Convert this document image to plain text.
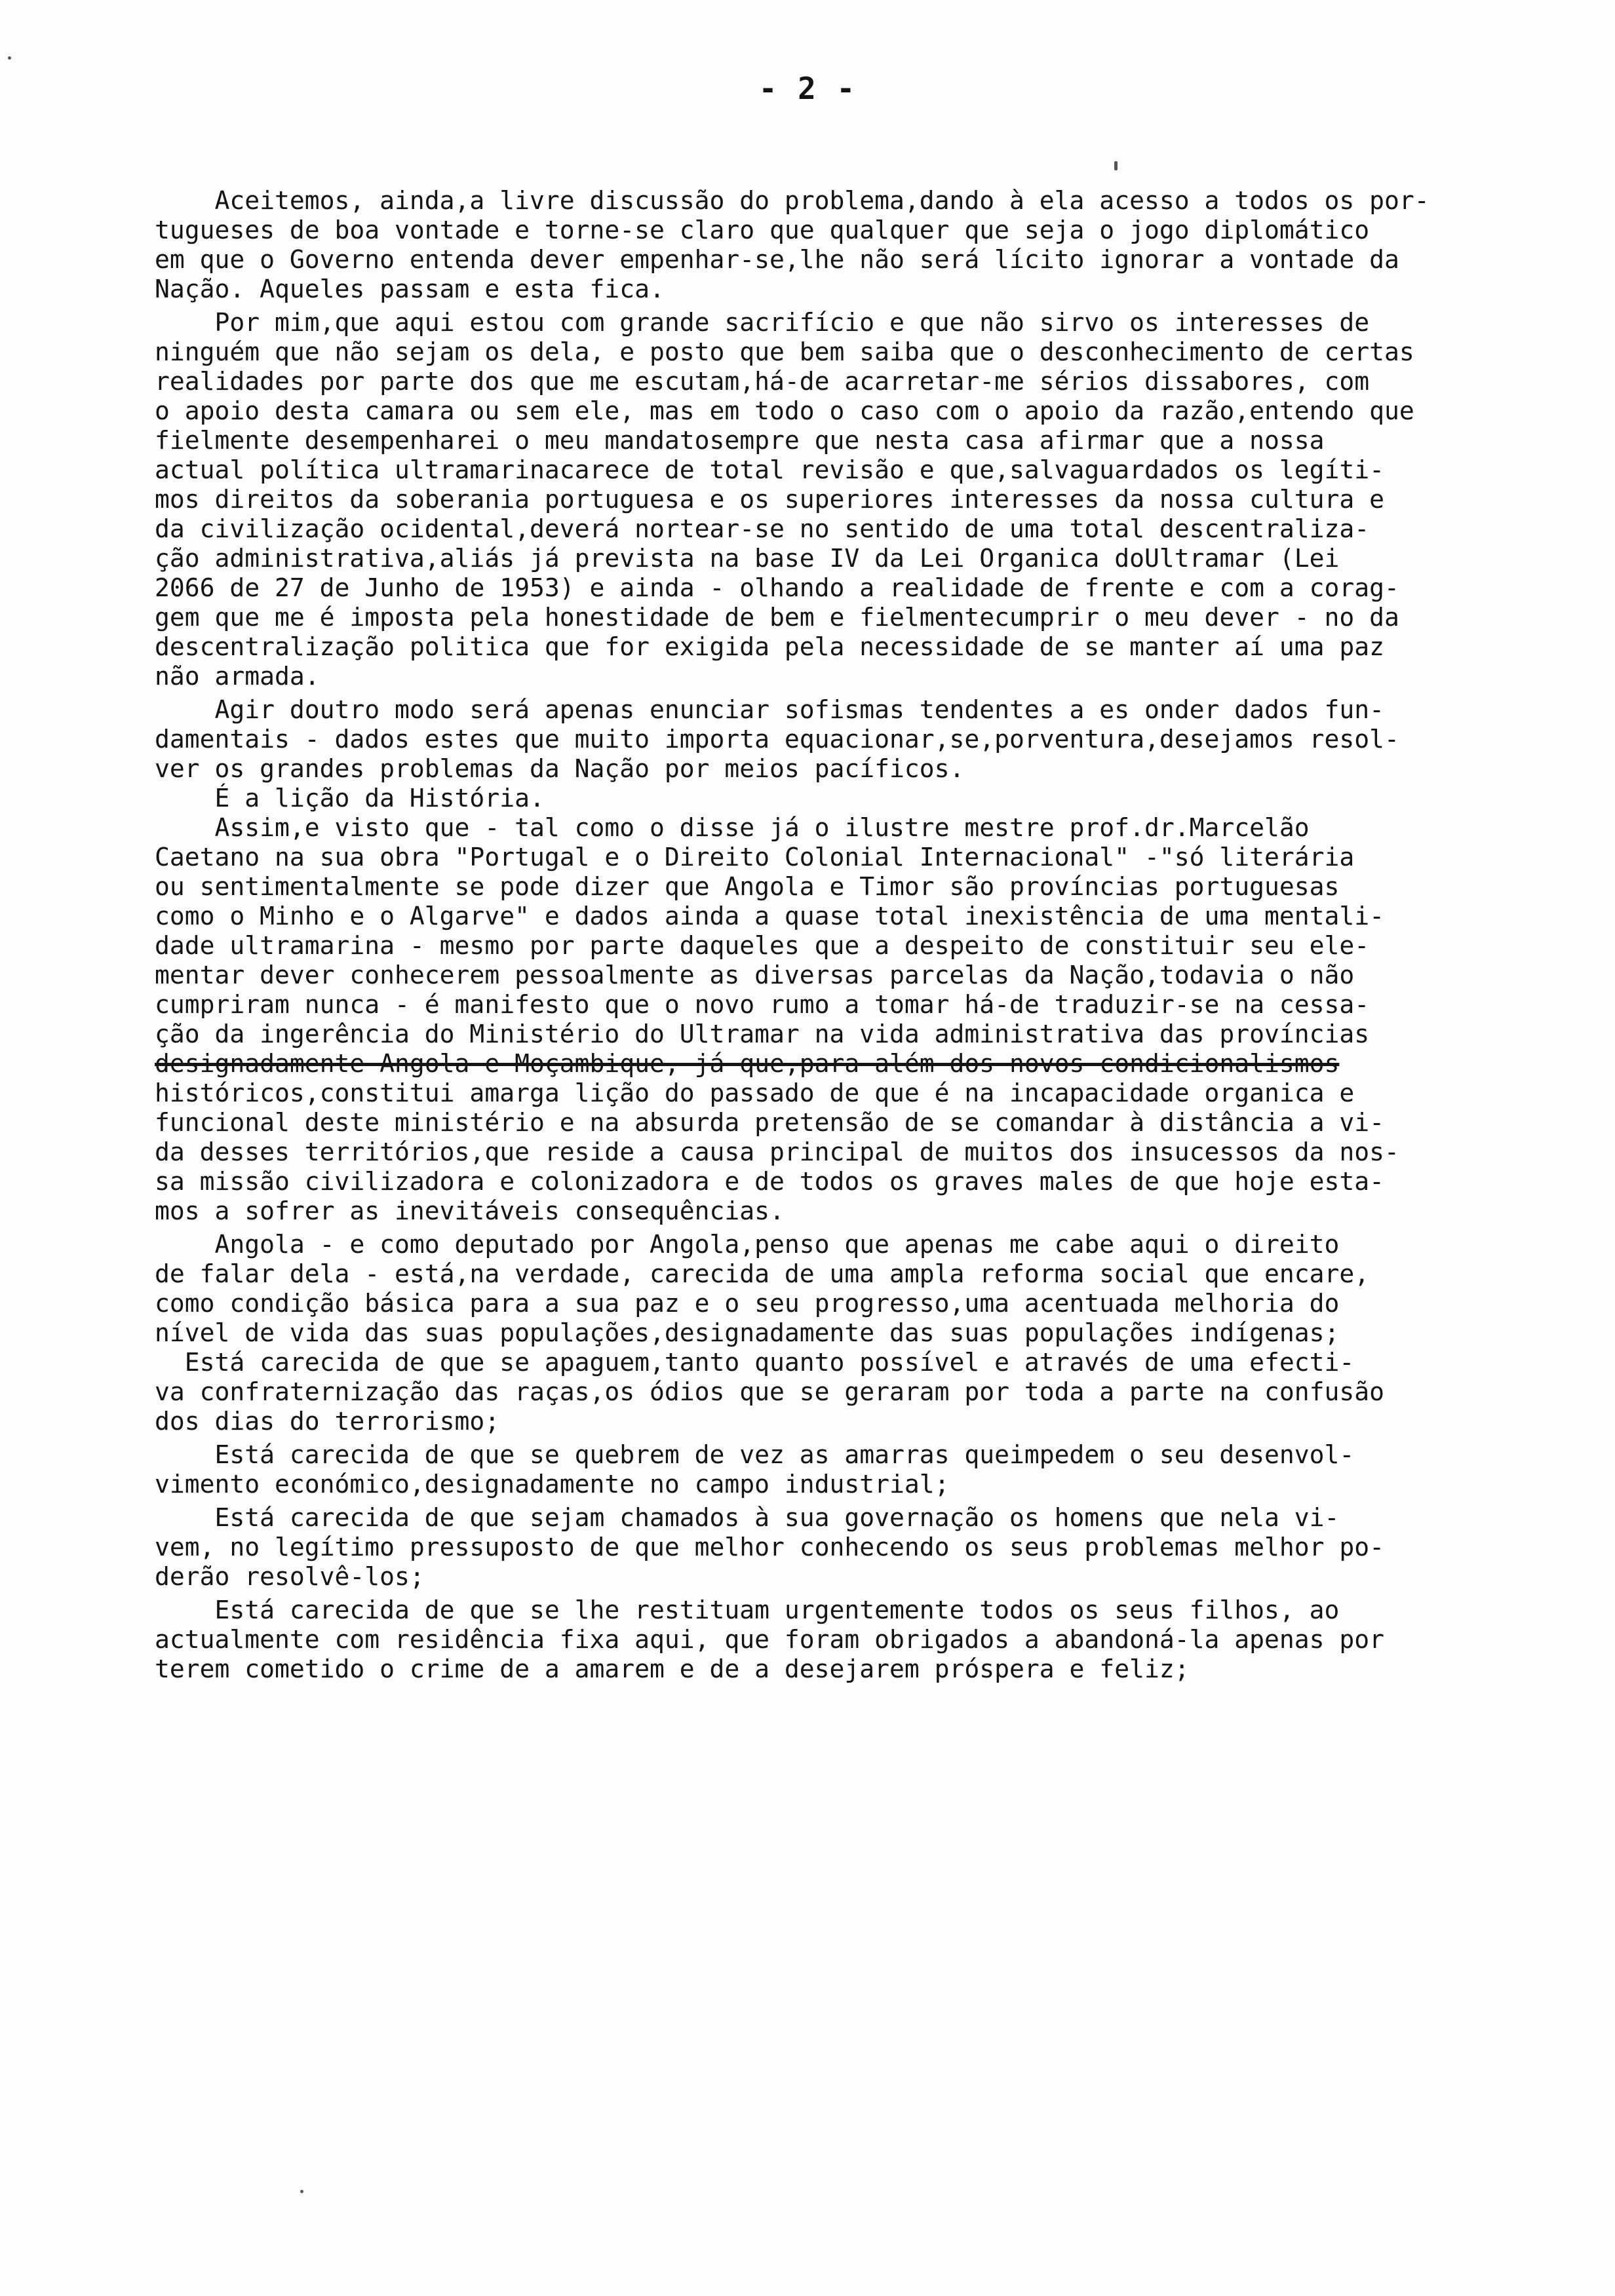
- 2 -

Aceitemos, ainda,a livre discussão do problema,dando à ela acesso a todos os por-

tugueses de boa vontade e torne-se claro que qualquer que seja o jogo diplomático

em que o Governo entenda dever empenhar-se,lhe não será lícito ignorar a vontade da

Nação. Aqueles passam e esta fica.

Por mim,que aqui estou com grande sacrifício e que não sirvo os interesses de

ninguém que não sejam os dela, e posto que bem saiba que o desconhecimento de certas

realidades por parte dos que me escutam,há-de acarretar-me sérios dissabores, com

o apoio desta camara ou sem ele, mas em todo o caso com o apoio da razão,entendo que

fielmente desempenharei o meu mandatosempre que nesta casa afirmar que a nossa

actual política ultramarinacarece de total revisão e que,salvaguardados os legíti-

mos direitos da soberania portuguesa e os superiores interesses da nossa cultura e

da civilização ocidental,deverá nortear-se no sentido de uma total descentraliza-

ção administrativa,aliás já prevista na base IV da Lei Organica doUltramar (Lei

2066 de 27 de Junho de 1953) e ainda - olhando a realidade de frente e com a corag-

gem que me é imposta pela honestidade de bem e fielmentecumprir o meu dever - no da

descentralização politica que for exigida pela necessidade de se manter aí uma paz

não armada.

Agir doutro modo será apenas enunciar sofismas tendentes a es onder dados fun-

damentais - dados estes que muito importa equacionar,se,porventura,desejamos resol-

ver os grandes problemas da Nação por meios pacíficos.

É a lição da História.

Assim,e visto que - tal como o disse já o ilustre mestre prof.dr.Marcelão

Caetano na sua obra "Portugal e o Direito Colonial Internacional" -"só literária

ou sentimentalmente se pode dizer que Angola e Timor são províncias portuguesas

como o Minho e o Algarve" e dados ainda a quase total inexistência de uma mentali-

dade ultramarina - mesmo por parte daqueles que a despeito de constituir seu ele-

mentar dever conhecerem pessoalmente as diversas parcelas da Nação,todavia o não

cumpriram nunca - é manifesto que o novo rumo a tomar há-de traduzir-se na cessa-

ção da ingerência do Ministério do Ultramar na vida administrativa das províncias

designadamente Angola e Moçambique, já que,para além dos novos condicionalismos

históricos,constitui amarga lição do passado de que é na incapacidade organica e

funcional deste ministério e na absurda pretensão de se comandar à distância a vi-

da desses territórios,que reside a causa principal de muitos dos insucessos da nos-

sa missão civilizadora e colonizadora e de todos os graves males de que hoje esta-

mos a sofrer as inevitáveis consequências.

Angola - e como deputado por Angola,penso que apenas me cabe aqui o direito

de falar dela - está,na verdade, carecida de uma ampla reforma social que encare,

como condição básica para a sua paz e o seu progresso,uma acentuada melhoria do

nível de vida das suas populações,designadamente das suas populações indígenas;

Está carecida de que se apaguem,tanto quanto possível e através de uma efecti-

va confraternização das raças,os ódios que se geraram por toda a parte na confusão

dos dias do terrorismo;

Está carecida de que se quebrem de vez as amarras queimpedem o seu desenvol-

vimento económico,designadamente no campo industrial;

Está carecida de que sejam chamados à sua governação os homens que nela vi-

vem, no legítimo pressuposto de que melhor conhecendo os seus problemas melhor po-

derão resolvê-los;

Está carecida de que se lhe restituam urgentemente todos os seus filhos, ao

actualmente com residência fixa aqui, que foram obrigados a abandoná-la apenas por

terem cometido o crime de a amarem e de a desejarem próspera e feliz;
